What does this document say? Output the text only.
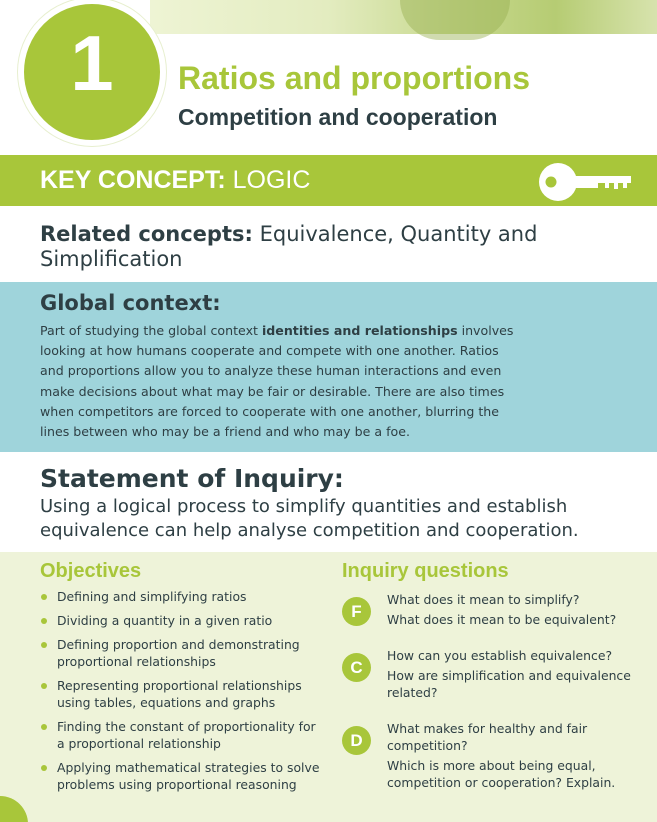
1	Ratios and proportions
Competition and cooperation
KEY CONCEPT: LOGIC
Related concepts: Equivalence, Quantity and Simplification
Global context:
Part of studying the global context identities and relationships involves looking at how humans cooperate and compete with one another. Ratios and proportions allow you to analyze these human interactions and even make decisions about what may be fair or desirable. There are also times when competitors are forced to cooperate with one another, blurring the lines between who may be a friend and who may be a foe.
Statement of Inquiry:
Using a logical process to simplify quantities and establish equivalence can help analyse competition and cooperation.
Objectives
Defining and simplifying ratios
Dividing a quantity in a given ratio
Defining proportion and demonstrating proportional relationships
Representing proportional relationships using tables, equations and graphs
Finding the constant of proportionality for a proportional relationship
Applying mathematical strategies to solve problems using proportional reasoning
Inquiry questions
F
What does it mean to simplify?
What does it mean to be equivalent?
C
How can you establish equivalence?
How are simplification and equivalence related?
D
What makes for healthy and fair competition?
Which is more about being equal, competition or cooperation? Explain.
